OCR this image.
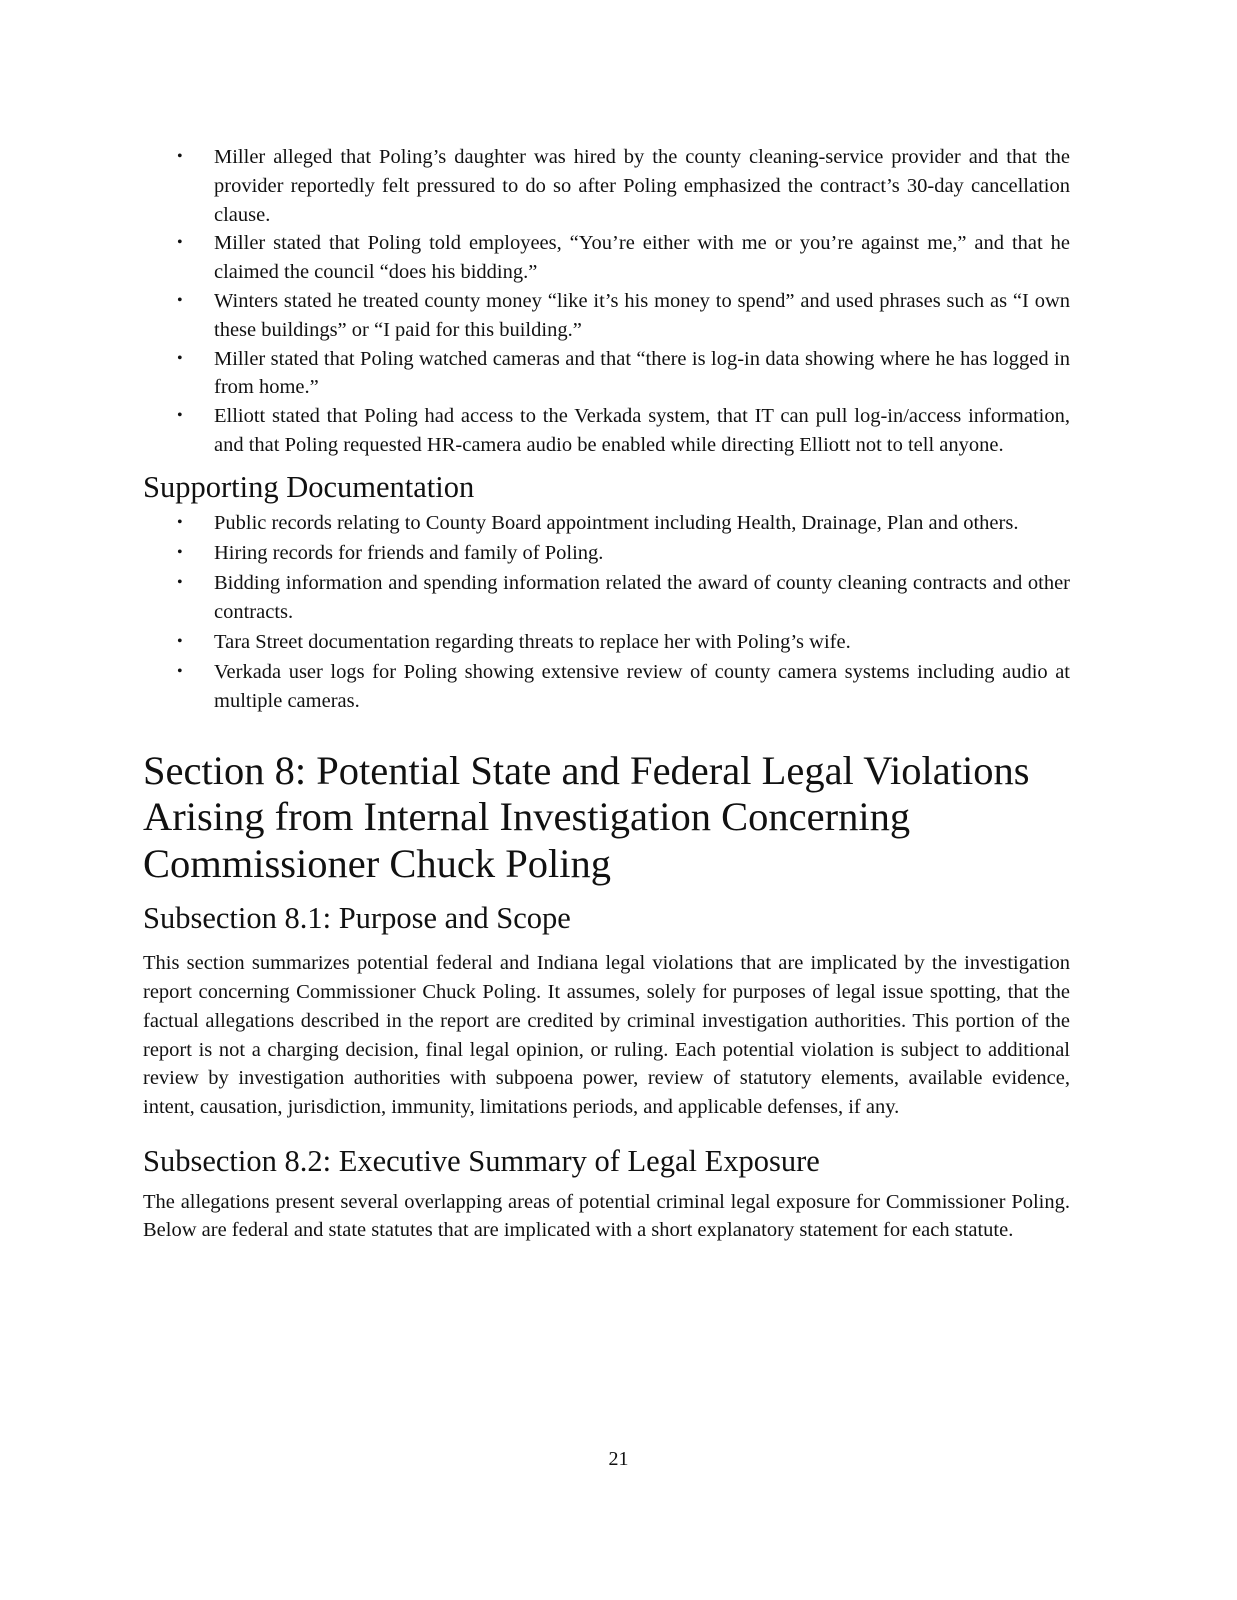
• Miller alleged that Poling’s daughter was hired by the county cleaning-service provider and that the provider reportedly felt pressured to do so after Poling emphasized the contract’s 30-day cancellation clause.
• Miller stated that Poling told employees, “You’re either with me or you’re against me,” and that he claimed the council “does his bidding.”
• Winters stated he treated county money “like it’s his money to spend” and used phrases such as “I own these buildings” or “I paid for this building.”
• Miller stated that Poling watched cameras and that “there is log-in data showing where he has logged in from home.”
• Elliott stated that Poling had access to the Verkada system, that IT can pull log-in/access information, and that Poling requested HR-camera audio be enabled while directing Elliott not to tell anyone.
Supporting Documentation
• Public records relating to County Board appointment including Health, Drainage, Plan and others.
• Hiring records for friends and family of Poling.
• Bidding information and spending information related the award of county cleaning contracts and other contracts.
• Tara Street documentation regarding threats to replace her with Poling’s wife.
• Verkada user logs for Poling showing extensive review of county camera systems including audio at multiple cameras.
Section 8: Potential State and Federal Legal Violations Arising from Internal Investigation Concerning Commissioner Chuck Poling
Subsection 8.1: Purpose and Scope

This section summarizes potential federal and Indiana legal violations that are implicated by the investigation report concerning Commissioner Chuck Poling. It assumes, solely for purposes of legal issue spotting, that the factual allegations described in the report are credited by criminal investigation authorities. This portion of the report is not a charging decision, final legal opinion, or ruling. Each potential violation is subject to additional review by investigation authorities with subpoena power, review of statutory elements, available evidence, intent, causation, jurisdiction, immunity, limitations periods, and applicable defenses, if any.

Subsection 8.2: Executive Summary of Legal Exposure

The allegations present several overlapping areas of potential criminal legal exposure for Commissioner Poling. Below are federal and state statutes that are implicated with a short explanatory statement for each statute.

21
